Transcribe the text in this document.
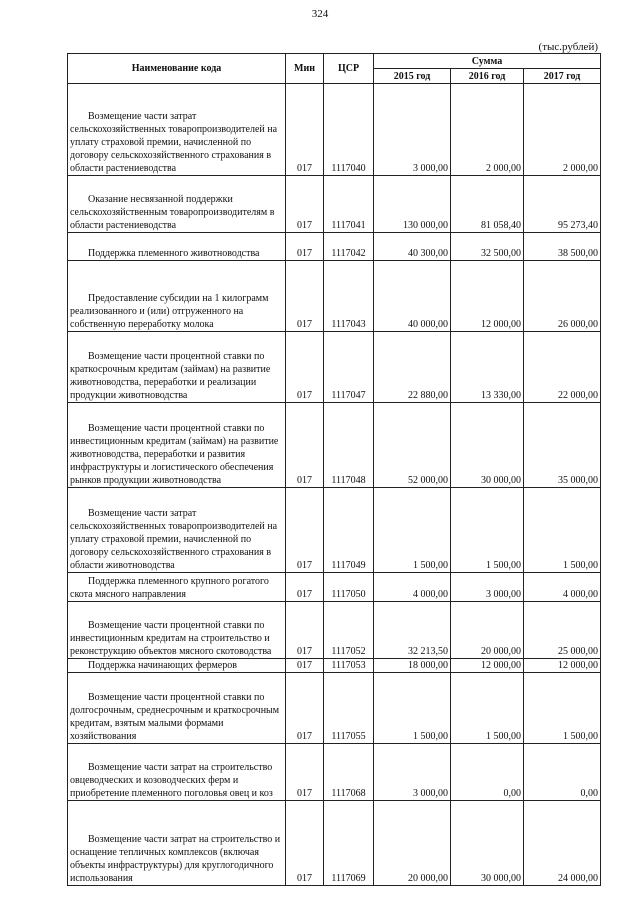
324
(тыс.рублей)
Наименование кода	Мин	ЦСР	Сумма		
			2015 год	2016 год	2017 год
Возмещение части затрат сельскохозяйственных товаропроизводителей на уплату страховой премии, начисленной по договору сельскохозяйственного страхования в области растениеводства	017	1117040	3 000,00	2 000,00	2 000,00
Оказание несвязанной поддержки сельскохозяйственным товаропроизводителям в области растениеводства	017	1117041	130 000,00	81 058,40	95 273,40
Поддержка племенного животноводства	017	1117042	40 300,00	32 500,00	38 500,00
Предоставление субсидии на 1 килограмм реализованного и (или) отгруженного на собственную переработку молока	017	1117043	40 000,00	12 000,00	26 000,00
Возмещение части процентной ставки по краткосрочным кредитам (займам) на развитие животноводства, переработки и реализации продукции животноводства	017	1117047	22 880,00	13 330,00	22 000,00
Возмещение части процентной ставки по инвестиционным кредитам (займам) на развитие животноводства, переработки и развития инфраструктуры и логистического обеспечения рынков продукции животноводства	017	1117048	52 000,00	30 000,00	35 000,00
Возмещение части затрат сельскохозяйственных товаропроизводителей на уплату страховой премии, начисленной по договору сельскохозяйственного страхования в области животноводства	017	1117049	1 500,00	1 500,00	1 500,00
Поддержка племенного крупного рогатого скота мясного направления	017	1117050	4 000,00	3 000,00	4 000,00
Возмещение части процентной ставки по инвестиционным кредитам на строительство и реконструкцию объектов мясного скотоводства	017	1117052	32 213,50	20 000,00	25 000,00
Поддержка начинающих фермеров	017	1117053	18 000,00	12 000,00	12 000,00
Возмещение части процентной ставки по долгосрочным, среднесрочным и краткосрочным кредитам, взятым малыми формами хозяйствования	017	1117055	1 500,00	1 500,00	1 500,00
Возмещение части затрат на строительство овцеводческих и козоводческих ферм и приобретение племенного поголовья овец и коз	017	1117068	3 000,00	0,00	0,00
Возмещение части затрат на строительство и оснащение тепличных комплексов (включая объекты инфраструктуры) для круглогодичного использования	017	1117069	20 000,00	30 000,00	24 000,00
